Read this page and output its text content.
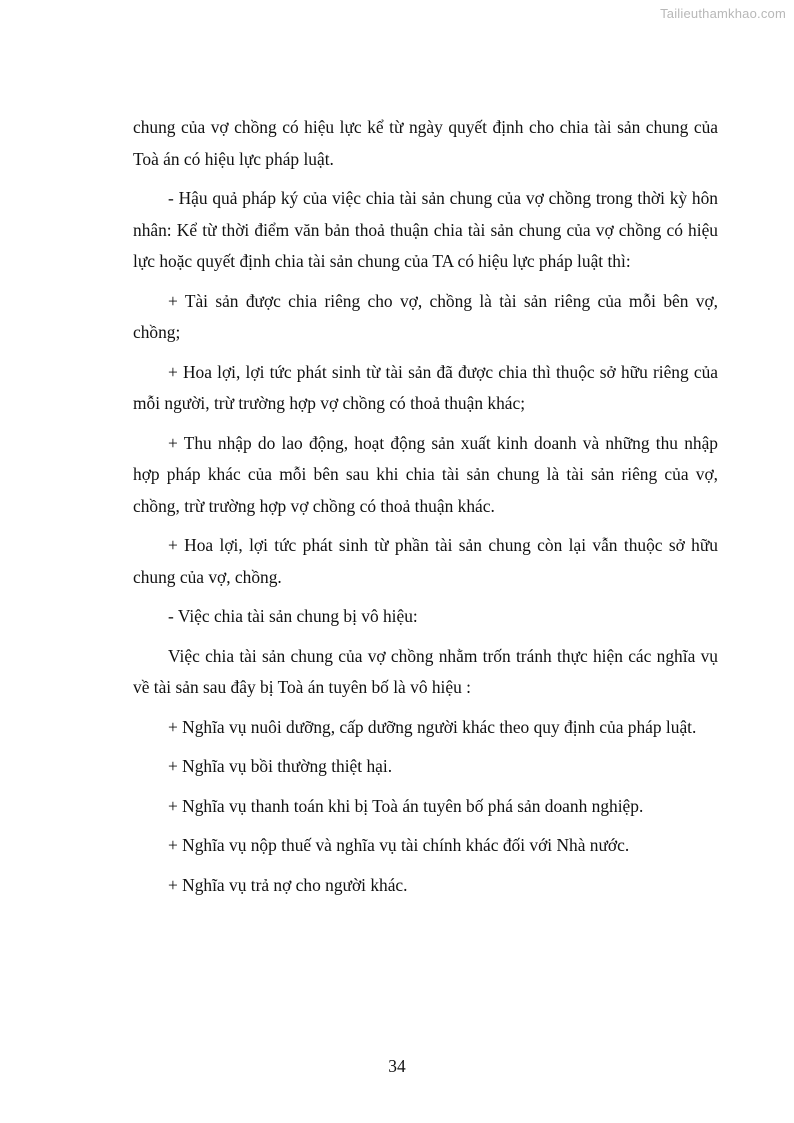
Tailieuthamkhao.com

chung của vợ chồng có hiệu lực kể từ ngày quyết định cho chia tài sản chung của Toà án có hiệu lực pháp luật.

- Hậu quả pháp ký của việc chia tài sản chung của vợ chồng trong thời kỳ hôn nhân: Kể từ thời điểm văn bản thoả thuận chia tài sản chung của vợ chồng có hiệu lực hoặc quyết định chia tài sản chung của TA có hiệu lực pháp luật thì:

+ Tài sản được chia riêng cho vợ, chồng là tài sản riêng của mỗi bên vợ, chồng;

+ Hoa lợi, lợi tức phát sinh từ tài sản đã được chia thì thuộc sở hữu riêng của mỗi người, trừ trường hợp vợ chồng có thoả thuận khác;

+ Thu nhập do lao động, hoạt động sản xuất kinh doanh và những thu nhập hợp pháp khác của mỗi bên sau khi chia tài sản chung là tài sản riêng của vợ, chồng, trừ trường hợp vợ chồng có thoả thuận khác.

+ Hoa lợi, lợi tức phát sinh từ phần tài sản chung còn lại vẫn thuộc sở hữu chung của vợ, chồng.

- Việc chia tài sản chung bị vô hiệu:

Việc chia tài sản chung của vợ chồng nhằm trốn tránh thực hiện các nghĩa vụ về tài sản sau đây bị Toà án tuyên bố là vô hiệu :

+ Nghĩa vụ nuôi dưỡng, cấp dưỡng người khác theo quy định của pháp luật.

+ Nghĩa vụ bồi thường thiệt hại.

+ Nghĩa vụ thanh toán khi bị Toà án tuyên bố phá sản doanh nghiệp.

+ Nghĩa vụ nộp thuế và nghĩa vụ tài chính khác đối với Nhà nước.

+ Nghĩa vụ trả nợ cho người khác.

34
